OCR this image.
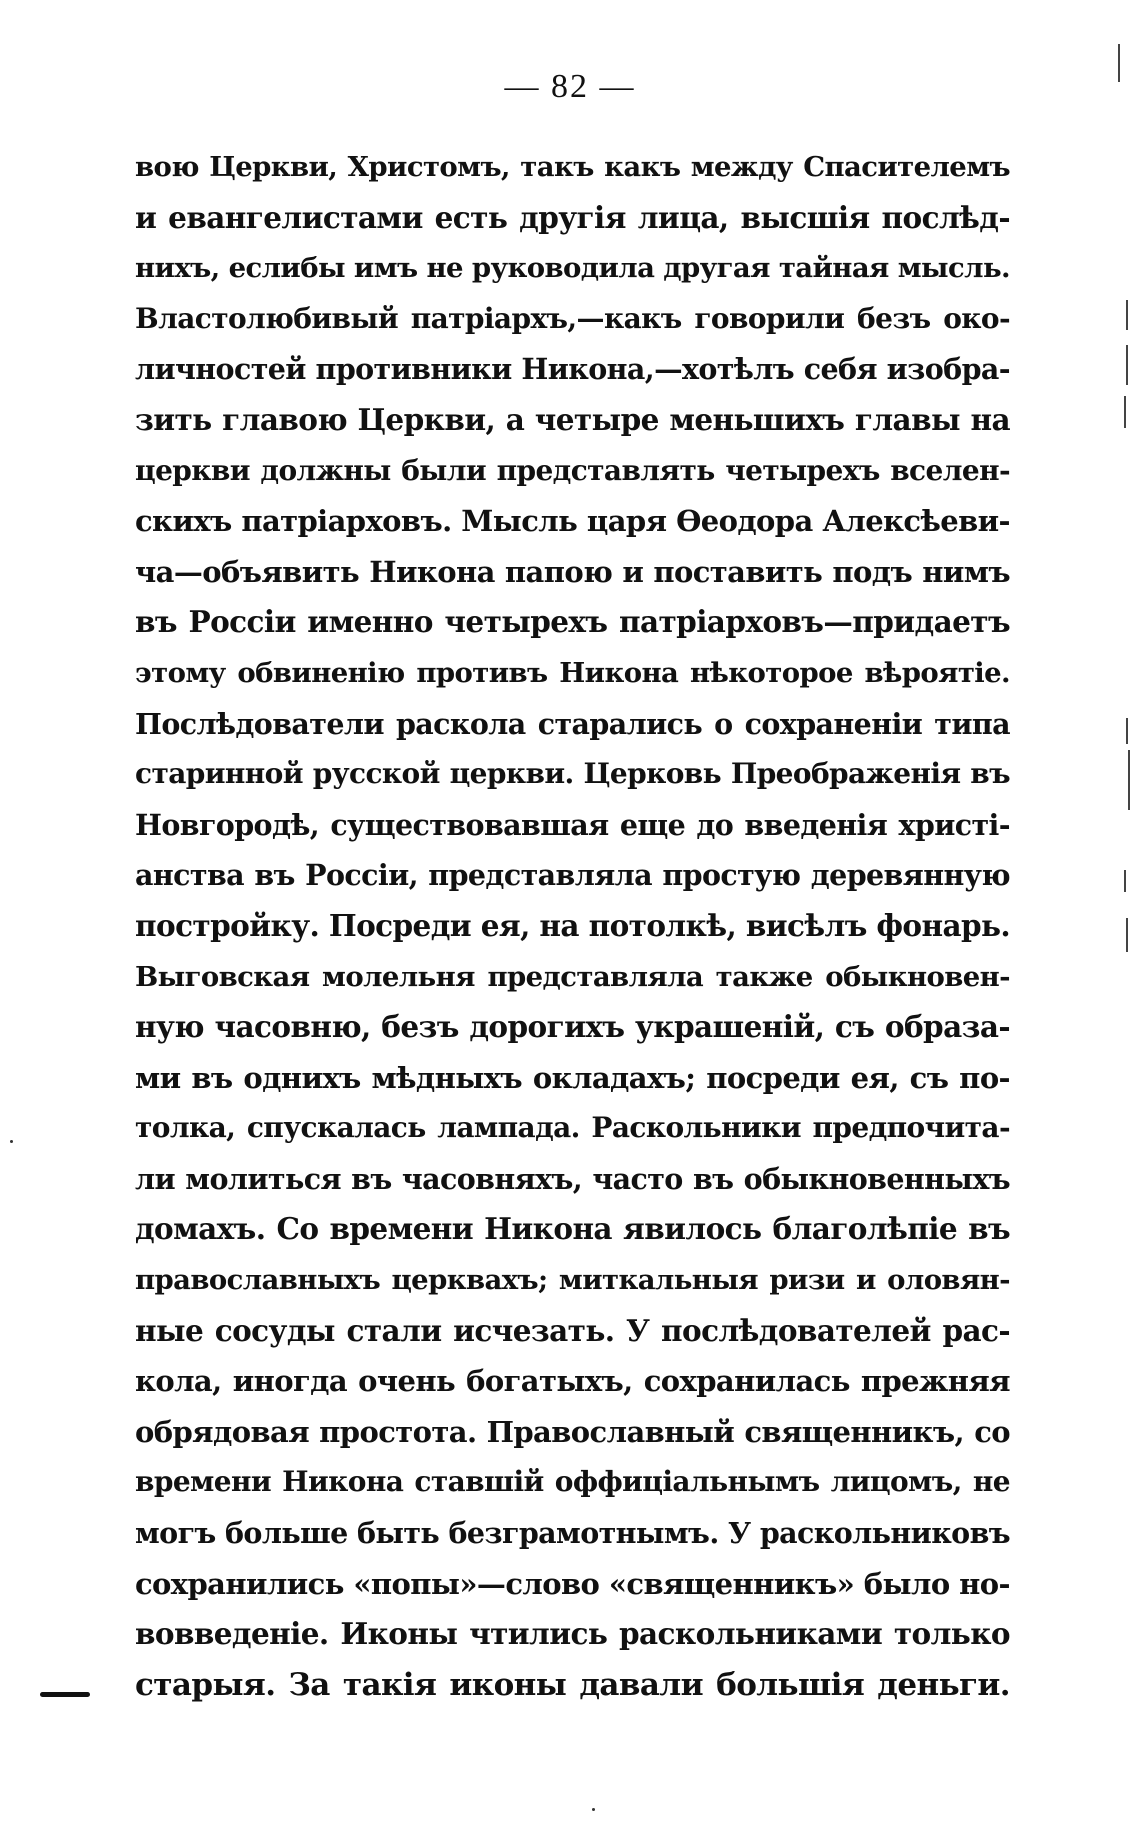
— 82 —
вою Церкви, Христомъ, такъ какъ между Спасителемъ
и евангелистами есть другія лица, высшія послѣд-
нихъ, еслибы имъ не руководила другая тайная мысль.
Властолюбивый патріархъ,—какъ говорили безъ око-
личностей противники Никона,—хотѣлъ себя изобра-
зить главою Церкви, а четыре меньшихъ главы на
церкви должны были представлять четырехъ вселен-
скихъ патріарховъ. Мысль царя Ѳеодора Алексѣеви-
ча—объявить Никона папою и поставить подъ нимъ
въ Россіи именно четырехъ патріарховъ—придаетъ
этому обвиненію противъ Никона нѣкоторое вѣроятіе.
Послѣдователи раскола старались о сохраненіи типа
старинной русской церкви. Церковь Преображенія въ
Новгородѣ, существовавшая еще до введенія христі-
анства въ Россіи, представляла простую деревянную
постройку. Посреди ея, на потолкѣ, висѣлъ фонарь.
Выговская молельня представляла также обыкновен-
ную часовню, безъ дорогихъ украшеній, съ образа-
ми въ однихъ мѣдныхъ окладахъ; посреди ея, съ по-
толка, спускалась лампада. Раскольники предпочита-
ли молиться въ часовняхъ, часто въ обыкновенныхъ
домахъ. Со времени Никона явилось благолѣпіе въ
православныхъ церквахъ; миткальныя ризи и оловян-
ные сосуды стали исчезать. У послѣдователей рас-
кола, иногда очень богатыхъ, сохранилась прежняя
обрядовая простота. Православный священникъ, со
времени Никона ставшій оффиціальнымъ лицомъ, не
могъ больше быть безграмотнымъ. У раскольниковъ
сохранились «попы»—слово «священникъ» было но-
вовведеніе. Иконы чтились раскольниками только
старыя. За такія иконы давали большія деньги.
